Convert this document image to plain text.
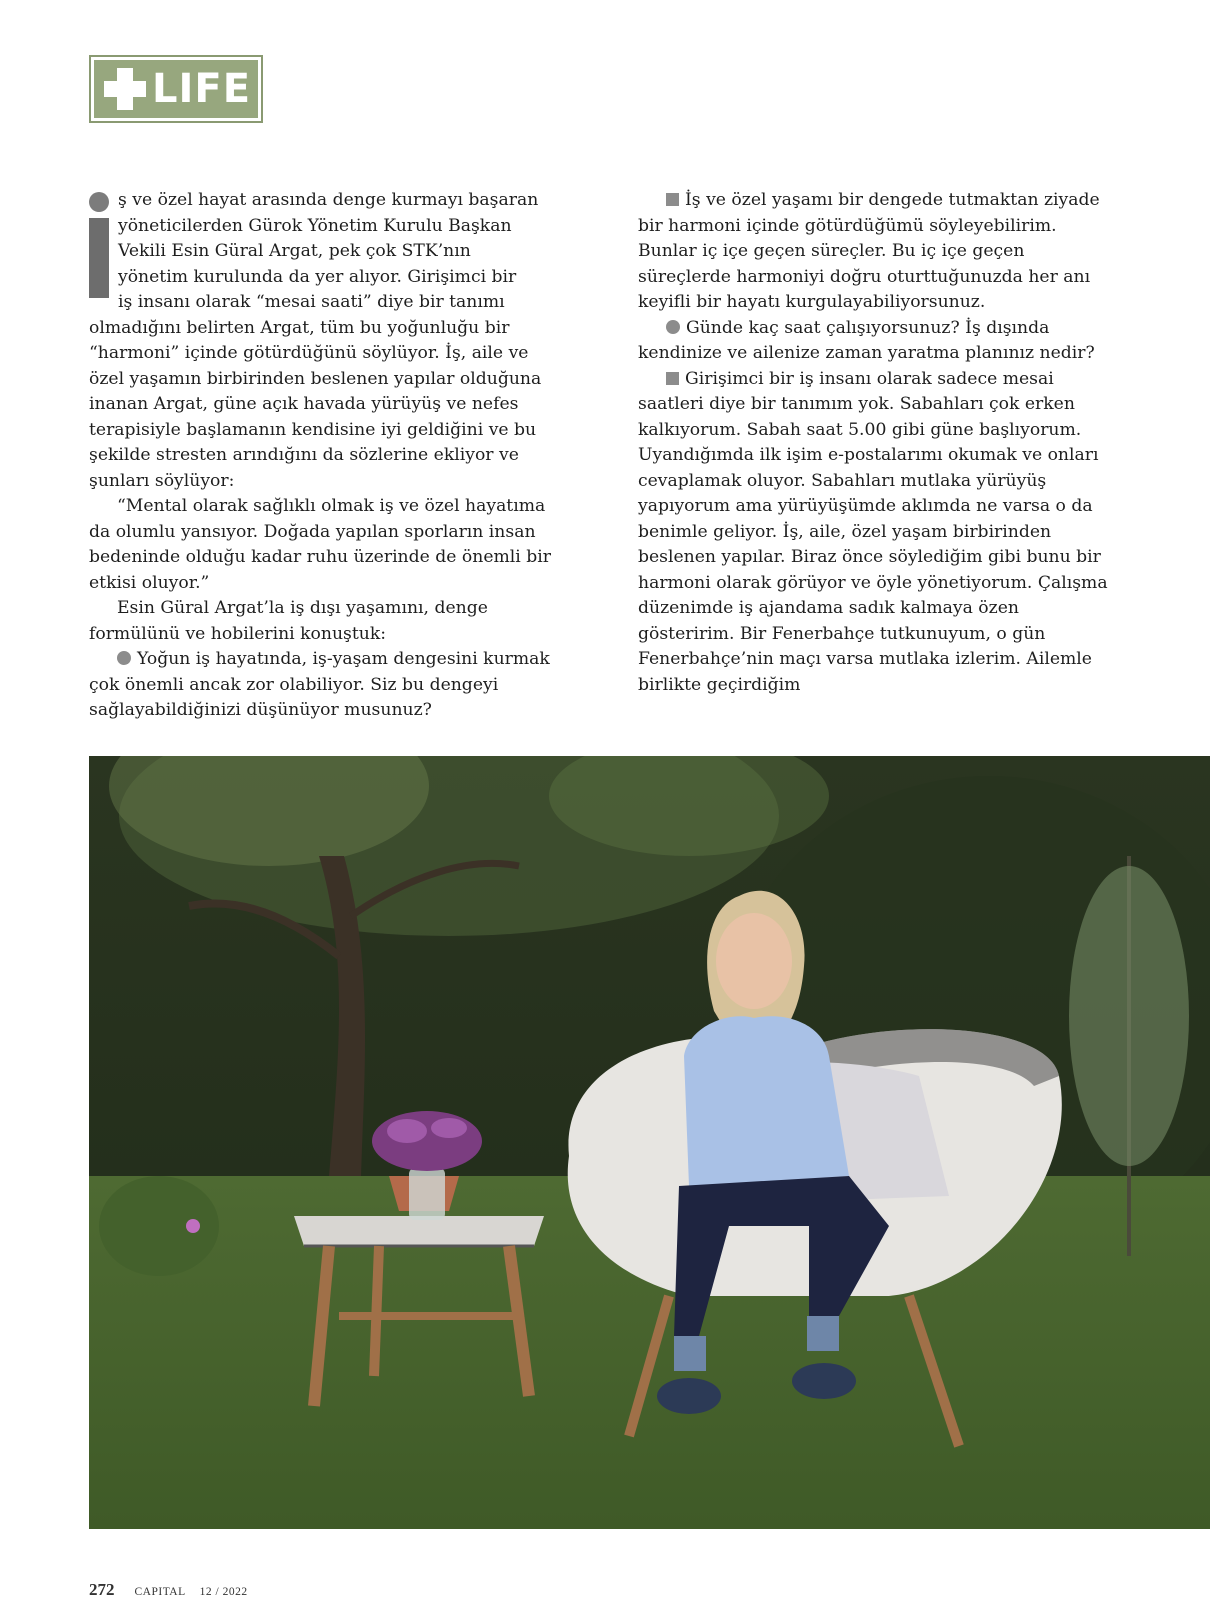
LIFE
ş ve özel hayat arasında denge kurmayı başaran
yöneticilerden Gürok Yönetim Kurulu Başkan
Vekili Esin Güral Argat, pek çok STK’nın
yönetim kurulunda da yer alıyor. Girişimci bir
iş insanı olarak “mesai saati” diye bir tanımı

olmadığını belirten Argat, tüm bu yoğunluğu bir “harmoni” içinde götürdüğünü söylüyor. İş, aile ve özel yaşamın birbirinden beslenen yapılar olduğuna inanan Argat, güne açık havada yürüyüş ve nefes terapisiyle başlamanın kendisine iyi geldiğini ve bu şekilde stresten arındığını da sözlerine ekliyor ve şunları söylüyor:

“Mental olarak sağlıklı olmak iş ve özel hayatıma da olumlu yansıyor. Doğada yapılan sporların insan bedeninde olduğu kadar ruhu üzerinde de önemli bir etkisi oluyor.”

Esin Güral Argat’la iş dışı yaşamını, denge formülünü ve hobilerini konuştuk:

Yoğun iş hayatında, iş-yaşam dengesini kurmak çok önemli ancak zor olabiliyor. Siz bu dengeyi sağlayabildiğinizi düşünüyor musunuz?

İş ve özel yaşamı bir dengede tutmaktan ziyade bir harmoni içinde götürdüğümü söyleyebilirim. Bunlar iç içe geçen süreçler. Bu iç içe geçen süreçlerde harmoniyi doğru oturttuğunuzda her anı keyifli bir hayatı kurgulayabiliyorsunuz.

Günde kaç saat çalışıyorsunuz? İş dışında kendinize ve ailenize zaman yaratma planınız nedir?

Girişimci bir iş insanı olarak sadece mesai saatleri diye bir tanımım yok. Sabahları çok erken kalkıyorum. Sabah saat 5.00 gibi güne başlıyorum. Uyandığımda ilk işim e-postalarımı okumak ve onları cevaplamak oluyor. Sabahları mutlaka yürüyüş yapıyorum ama yürüyüşümde aklımda ne varsa o da benimle geliyor. İş, aile, özel yaşam birbirinden beslenen yapılar. Biraz önce söylediğim gibi bunu bir harmoni olarak görüyor ve öyle yönetiyorum. Çalışma düzenimde iş ajandama sadık kalmaya özen gösteririm. Bir Fenerbahçe tutkunuyum, o gün Fenerbahçe’nin maçı varsa mutlaka izlerim. Ailemle birlikte geçirdiğim

272 CAPITAL 12 / 2022
